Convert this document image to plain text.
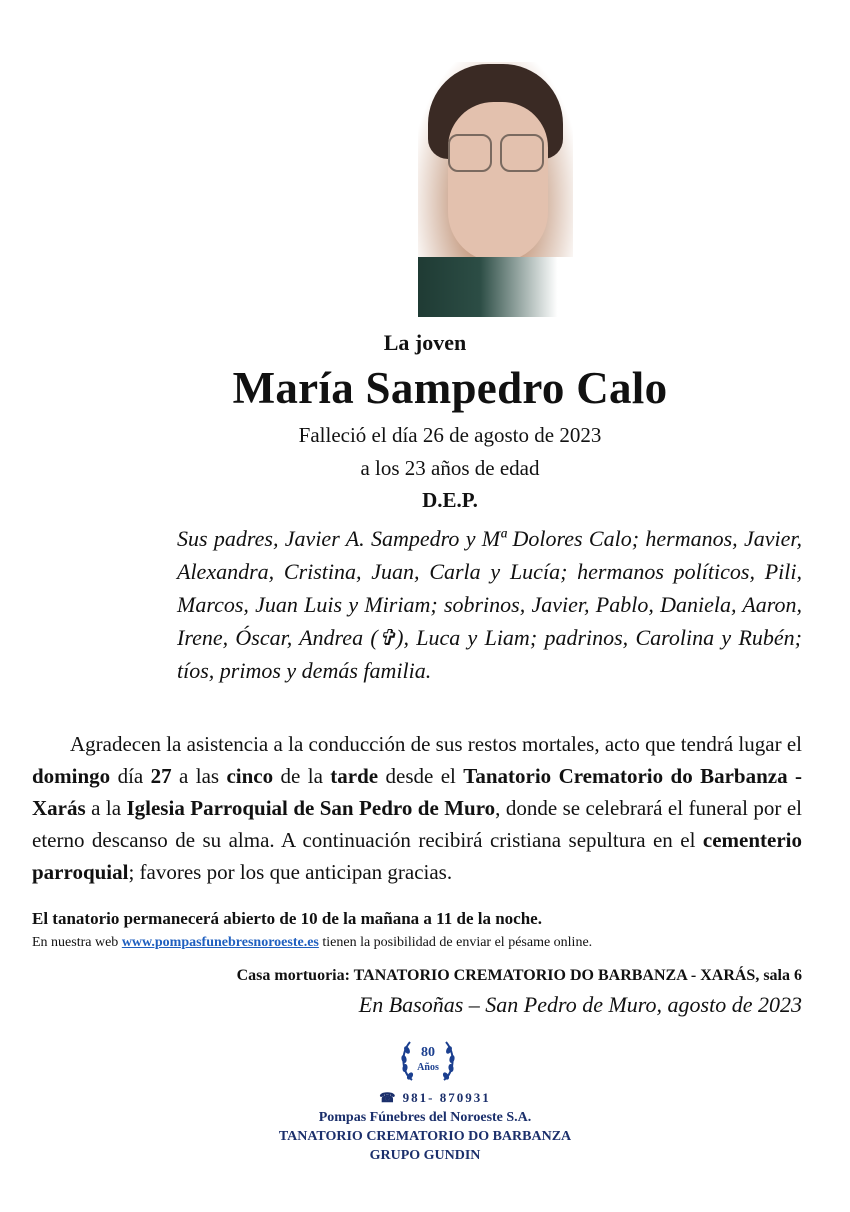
La joven
María Sampedro Calo
Falleció el día 26 de agosto de 2023
a los 23 años de edad
D.E.P.
Sus padres, Javier A. Sampedro y Mª Dolores Calo; hermanos, Javier, Alexandra, Cristina, Juan, Carla y Lucía; hermanos políticos, Pili, Marcos, Juan Luis y Miriam; sobrinos, Javier, Pablo, Daniela, Aaron, Irene, Óscar, Andrea (✞), Luca y Liam; padrinos, Carolina y Rubén; tíos, primos y demás familia.
Agradecen la asistencia a la conducción de sus restos mortales, acto que tendrá lugar el domingo día 27 a las cinco de la tarde desde el Tanatorio Crematorio do Barbanza - Xarás a la Iglesia Parroquial de San Pedro de Muro, donde se celebrará el funeral por el eterno descanso de su alma. A continuación recibirá cristiana sepultura en el cementerio parroquial; favores por los que anticipan gracias.
El tanatorio permanecerá abierto de 10 de la mañana a 11 de la noche.
En nuestra web www.pompasfunebresnoroeste.es tienen la posibilidad de enviar el pésame online.
Casa mortuoria: TANATORIO CREMATORIO DO BARBANZA - XARÁS, sala 6
En Basoñas – San Pedro de Muro, agosto de 2023
80
Años
☎ 981- 870931
Pompas Fúnebres del Noroeste S.A.
TANATORIO CREMATORIO DO BARBANZA
GRUPO GUNDIN
